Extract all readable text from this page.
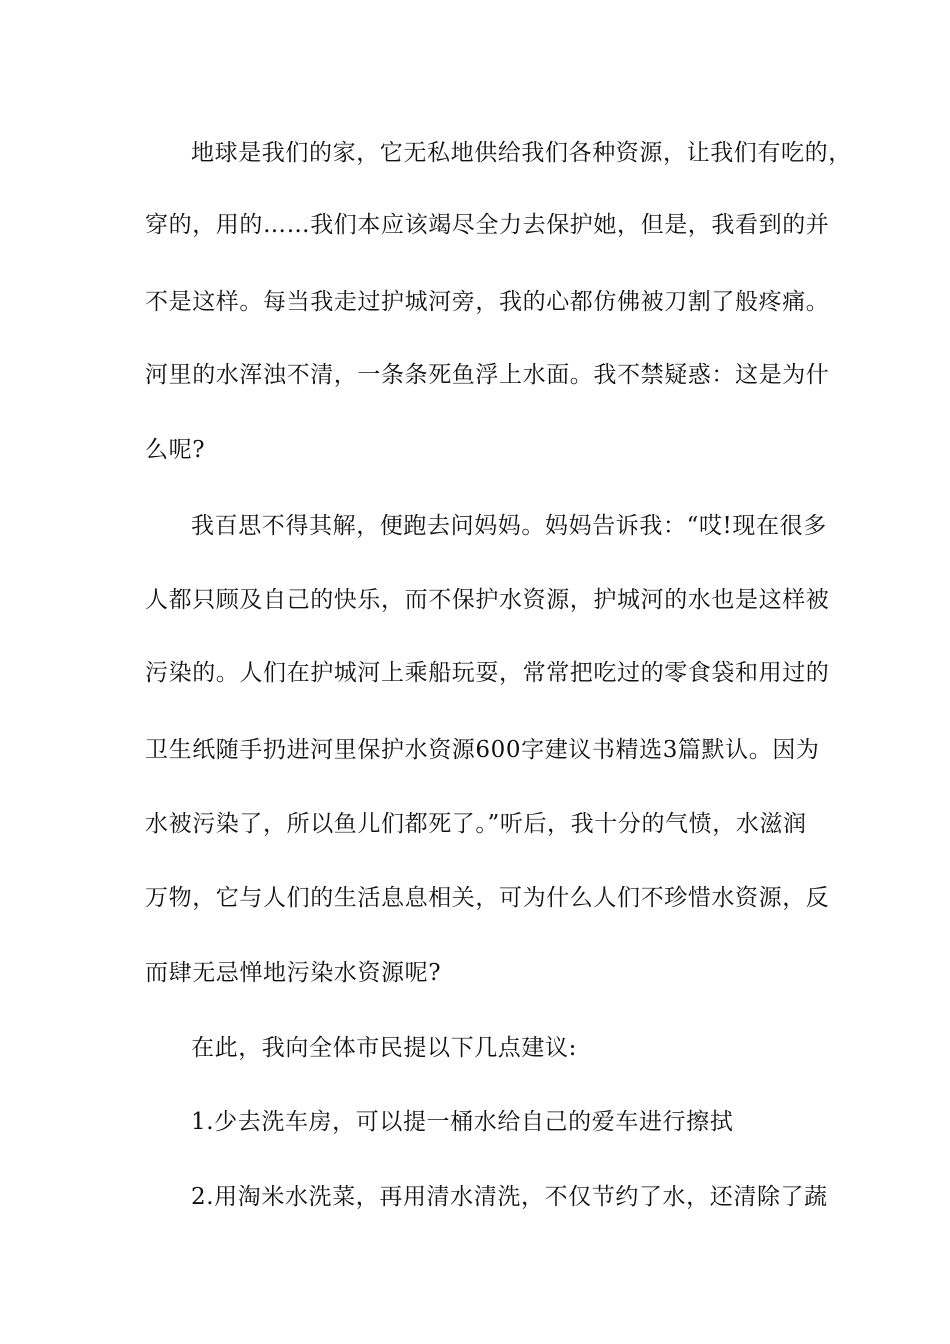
地球是我们的家，它无私地供给我们各种资源，让我们有吃的，
穿的，用的……我们本应该竭尽全力去保护她，但是，我看到的并
不是这样。每当我走过护城河旁，我的心都仿佛被刀割了般疼痛。
河里的水浑浊不清，一条条死鱼浮上水面。我不禁疑惑：这是为什
么呢?
我百思不得其解，便跑去问妈妈。妈妈告诉我：“哎!现在很多
人都只顾及自己的快乐，而不保护水资源，护城河的水也是这样被
污染的。人们在护城河上乘船玩耍，常常把吃过的零食袋和用过的
卫生纸随手扔进河里保护水资源600字建议书精选3篇默认。因为
水被污染了，所以鱼儿们都死了。”听后，我十分的气愤，水滋润
万物，它与人们的生活息息相关，可为什么人们不珍惜水资源，反
而肆无忌惮地污染水资源呢?
在此，我向全体市民提以下几点建议:
1.少去洗车房，可以提一桶水给自己的爱车进行擦拭
2.用淘米水洗菜，再用清水清洗，不仅节约了水，还清除了蔬
